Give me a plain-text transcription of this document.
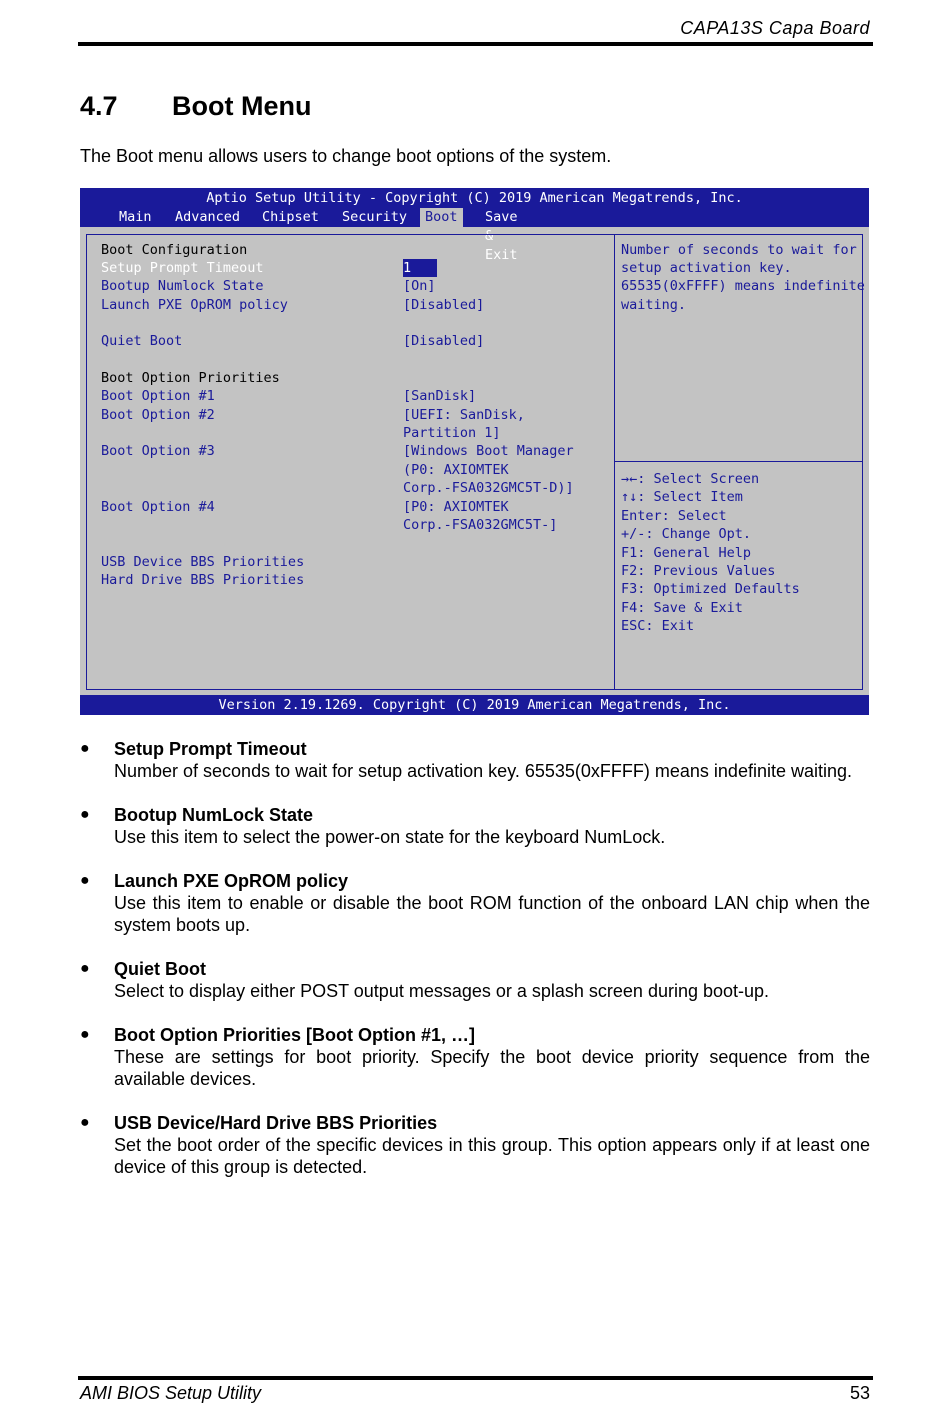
CAPA13S Capa Board
4.7 Boot Menu
The Boot menu allows users to change boot options of the system.
Aptio Setup Utility - Copyright (C) 2019 American Megatrends, Inc.
Main	Advanced	Chipset	Security	Boot	Save & Exit
Boot Configuration
Setup Prompt Timeout	1
Bootup Numlock State	[On]
Launch PXE OpROM policy	[Disabled]
Quiet Boot	[Disabled]
Boot Option Priorities
Boot Option #1	[SanDisk]
Boot Option #2	[UEFI: SanDisk,
Partition 1]
Boot Option #3	[Windows Boot Manager
(P0: AXIOMTEK
Corp.-FSA032GMC5T-D)]
Boot Option #4	[P0: AXIOMTEK
Corp.-FSA032GMC5T-]
USB Device BBS Priorities
Hard Drive BBS Priorities
Number of seconds to wait for
setup activation key.
65535(0xFFFF) means indefinite
waiting.
→←: Select Screen
↑↓: Select Item
Enter: Select
+/-: Change Opt.
F1: General Help
F2: Previous Values
F3: Optimized Defaults
F4: Save & Exit
ESC: Exit
Version 2.19.1269. Copyright (C) 2019 American Megatrends, Inc.
● Setup Prompt Timeout
Number of seconds to wait for setup activation key. 65535(0xFFFF) means indefinite waiting.
● Bootup NumLock State
Use this item to select the power-on state for the keyboard NumLock.
● Launch PXE OpROM policy
Use this item to enable or disable the boot ROM function of the onboard LAN chip when the system boots up.
● Quiet Boot
Select to display either POST output messages or a splash screen during boot-up.
● Boot Option Priorities [Boot Option #1, …]
These are settings for boot priority. Specify the boot device priority sequence from the available devices.
● USB Device/Hard Drive BBS Priorities
Set the boot order of the specific devices in this group. This option appears only if at least one device of this group is detected.
AMI BIOS Setup Utility	53
